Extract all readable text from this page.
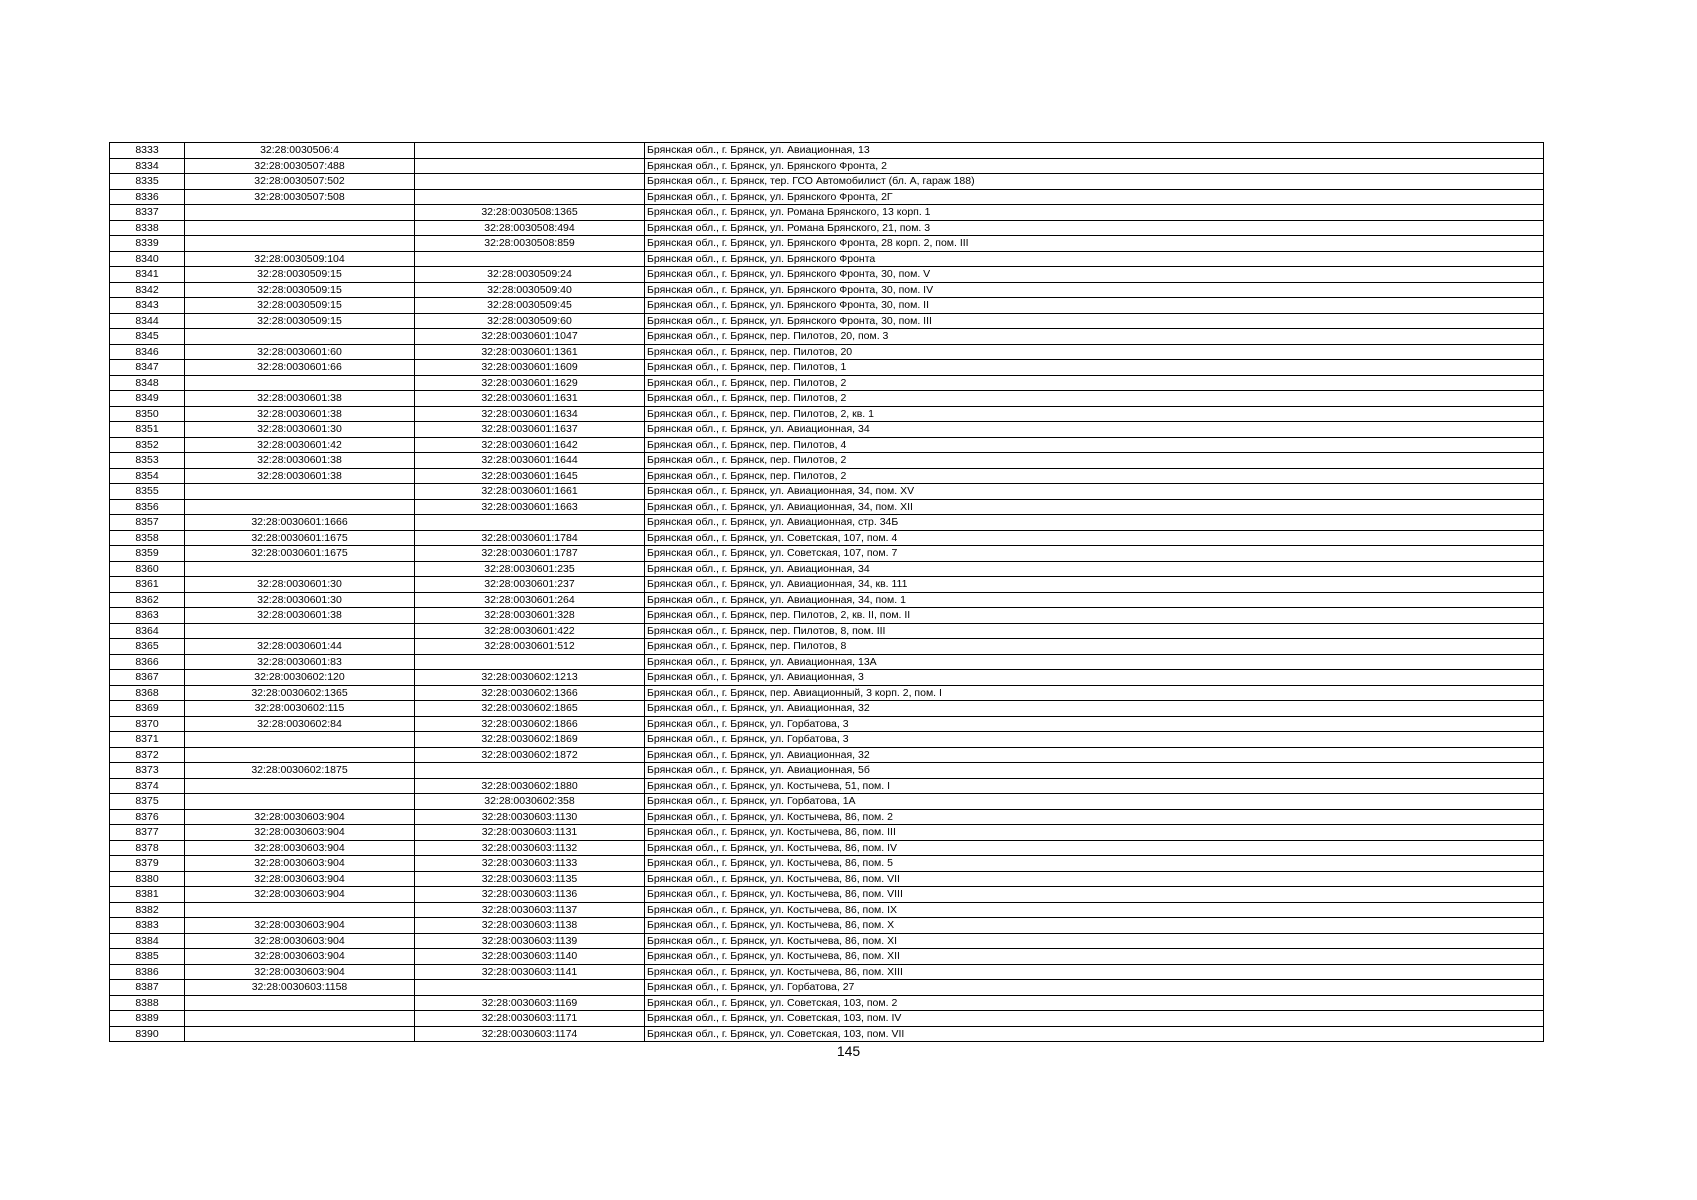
8333	32:28:0030506:4		Брянская обл., г. Брянск, ул. Авиационная, 13
8334	32:28:0030507:488		Брянская обл., г. Брянск, ул. Брянского Фронта, 2
8335	32:28:0030507:502		Брянская обл., г. Брянск, тер. ГСО Автомобилист (бл. А, гараж 188)
8336	32:28:0030507:508		Брянская обл., г. Брянск, ул. Брянского Фронта, 2Г
8337		32:28:0030508:1365	Брянская обл., г. Брянск, ул. Романа Брянского, 13 корп. 1
8338		32:28:0030508:494	Брянская обл., г. Брянск, ул. Романа Брянского, 21, пом. 3
8339		32:28:0030508:859	Брянская обл., г. Брянск, ул. Брянского Фронта, 28 корп. 2, пом. III
8340	32:28:0030509:104		Брянская обл., г. Брянск, ул. Брянского Фронта
8341	32:28:0030509:15	32:28:0030509:24	Брянская обл., г. Брянск, ул. Брянского Фронта, 30, пом. V
8342	32:28:0030509:15	32:28:0030509:40	Брянская обл., г. Брянск, ул. Брянского Фронта, 30, пом. IV
8343	32:28:0030509:15	32:28:0030509:45	Брянская обл., г. Брянск, ул. Брянского Фронта, 30, пом. II
8344	32:28:0030509:15	32:28:0030509:60	Брянская обл., г. Брянск, ул. Брянского Фронта, 30, пом. III
8345		32:28:0030601:1047	Брянская обл., г. Брянск, пер. Пилотов, 20, пом. 3
8346	32:28:0030601:60	32:28:0030601:1361	Брянская обл., г. Брянск, пер. Пилотов, 20
8347	32:28:0030601:66	32:28:0030601:1609	Брянская обл., г. Брянск, пер. Пилотов, 1
8348		32:28:0030601:1629	Брянская обл., г. Брянск, пер. Пилотов, 2
8349	32:28:0030601:38	32:28:0030601:1631	Брянская обл., г. Брянск, пер. Пилотов, 2
8350	32:28:0030601:38	32:28:0030601:1634	Брянская обл., г. Брянск, пер. Пилотов, 2, кв. 1
8351	32:28:0030601:30	32:28:0030601:1637	Брянская обл., г. Брянск, ул. Авиационная, 34
8352	32:28:0030601:42	32:28:0030601:1642	Брянская обл., г. Брянск, пер. Пилотов, 4
8353	32:28:0030601:38	32:28:0030601:1644	Брянская обл., г. Брянск, пер. Пилотов, 2
8354	32:28:0030601:38	32:28:0030601:1645	Брянская обл., г. Брянск, пер. Пилотов, 2
8355		32:28:0030601:1661	Брянская обл., г. Брянск, ул. Авиационная, 34, пом. XV
8356		32:28:0030601:1663	Брянская обл., г. Брянск, ул. Авиационная, 34, пом. XII
8357	32:28:0030601:1666		Брянская обл., г. Брянск, ул. Авиационная, стр. 34Б
8358	32:28:0030601:1675	32:28:0030601:1784	Брянская обл., г. Брянск, ул. Советская, 107, пом. 4
8359	32:28:0030601:1675	32:28:0030601:1787	Брянская обл., г. Брянск, ул. Советская, 107, пом. 7
8360		32:28:0030601:235	Брянская обл., г. Брянск, ул. Авиационная, 34
8361	32:28:0030601:30	32:28:0030601:237	Брянская обл., г. Брянск, ул. Авиационная, 34, кв. 111
8362	32:28:0030601:30	32:28:0030601:264	Брянская обл., г. Брянск, ул. Авиационная, 34, пом. 1
8363	32:28:0030601:38	32:28:0030601:328	Брянская обл., г. Брянск, пер. Пилотов, 2, кв. II, пом. II
8364		32:28:0030601:422	Брянская обл., г. Брянск, пер. Пилотов, 8, пом. III
8365	32:28:0030601:44	32:28:0030601:512	Брянская обл., г. Брянск, пер. Пилотов, 8
8366	32:28:0030601:83		Брянская обл., г. Брянск, ул. Авиационная, 13А
8367	32:28:0030602:120	32:28:0030602:1213	Брянская обл., г. Брянск, ул. Авиационная, 3
8368	32:28:0030602:1365	32:28:0030602:1366	Брянская обл., г. Брянск, пер. Авиационный, 3 корп. 2, пом. I
8369	32:28:0030602:115	32:28:0030602:1865	Брянская обл., г. Брянск, ул. Авиационная, 32
8370	32:28:0030602:84	32:28:0030602:1866	Брянская обл., г. Брянск, ул. Горбатова, 3
8371		32:28:0030602:1869	Брянская обл., г. Брянск, ул. Горбатова, 3
8372		32:28:0030602:1872	Брянская обл., г. Брянск, ул. Авиационная, 32
8373	32:28:0030602:1875		Брянская обл., г. Брянск, ул. Авиационная, 5б
8374		32:28:0030602:1880	Брянская обл., г. Брянск, ул. Костычева, 51, пом. I
8375		32:28:0030602:358	Брянская обл., г. Брянск, ул. Горбатова, 1А
8376	32:28:0030603:904	32:28:0030603:1130	Брянская обл., г. Брянск, ул. Костычева, 86, пом. 2
8377	32:28:0030603:904	32:28:0030603:1131	Брянская обл., г. Брянск, ул. Костычева, 86, пом. III
8378	32:28:0030603:904	32:28:0030603:1132	Брянская обл., г. Брянск, ул. Костычева, 86, пом. IV
8379	32:28:0030603:904	32:28:0030603:1133	Брянская обл., г. Брянск, ул. Костычева, 86, пом. 5
8380	32:28:0030603:904	32:28:0030603:1135	Брянская обл., г. Брянск, ул. Костычева, 86, пом. VII
8381	32:28:0030603:904	32:28:0030603:1136	Брянская обл., г. Брянск, ул. Костычева, 86, пом. VIII
8382		32:28:0030603:1137	Брянская обл., г. Брянск, ул. Костычева, 86, пом. IX
8383	32:28:0030603:904	32:28:0030603:1138	Брянская обл., г. Брянск, ул. Костычева, 86, пом. X
8384	32:28:0030603:904	32:28:0030603:1139	Брянская обл., г. Брянск, ул. Костычева, 86, пом. XI
8385	32:28:0030603:904	32:28:0030603:1140	Брянская обл., г. Брянск, ул. Костычева, 86, пом. XII
8386	32:28:0030603:904	32:28:0030603:1141	Брянская обл., г. Брянск, ул. Костычева, 86, пом. XIII
8387	32:28:0030603:1158		Брянская обл., г. Брянск, ул. Горбатова, 27
8388		32:28:0030603:1169	Брянская обл., г. Брянск, ул. Советская, 103, пом. 2
8389		32:28:0030603:1171	Брянская обл., г. Брянск, ул. Советская, 103, пом. IV
8390		32:28:0030603:1174	Брянская обл., г. Брянск, ул. Советская, 103, пом. VII
145
